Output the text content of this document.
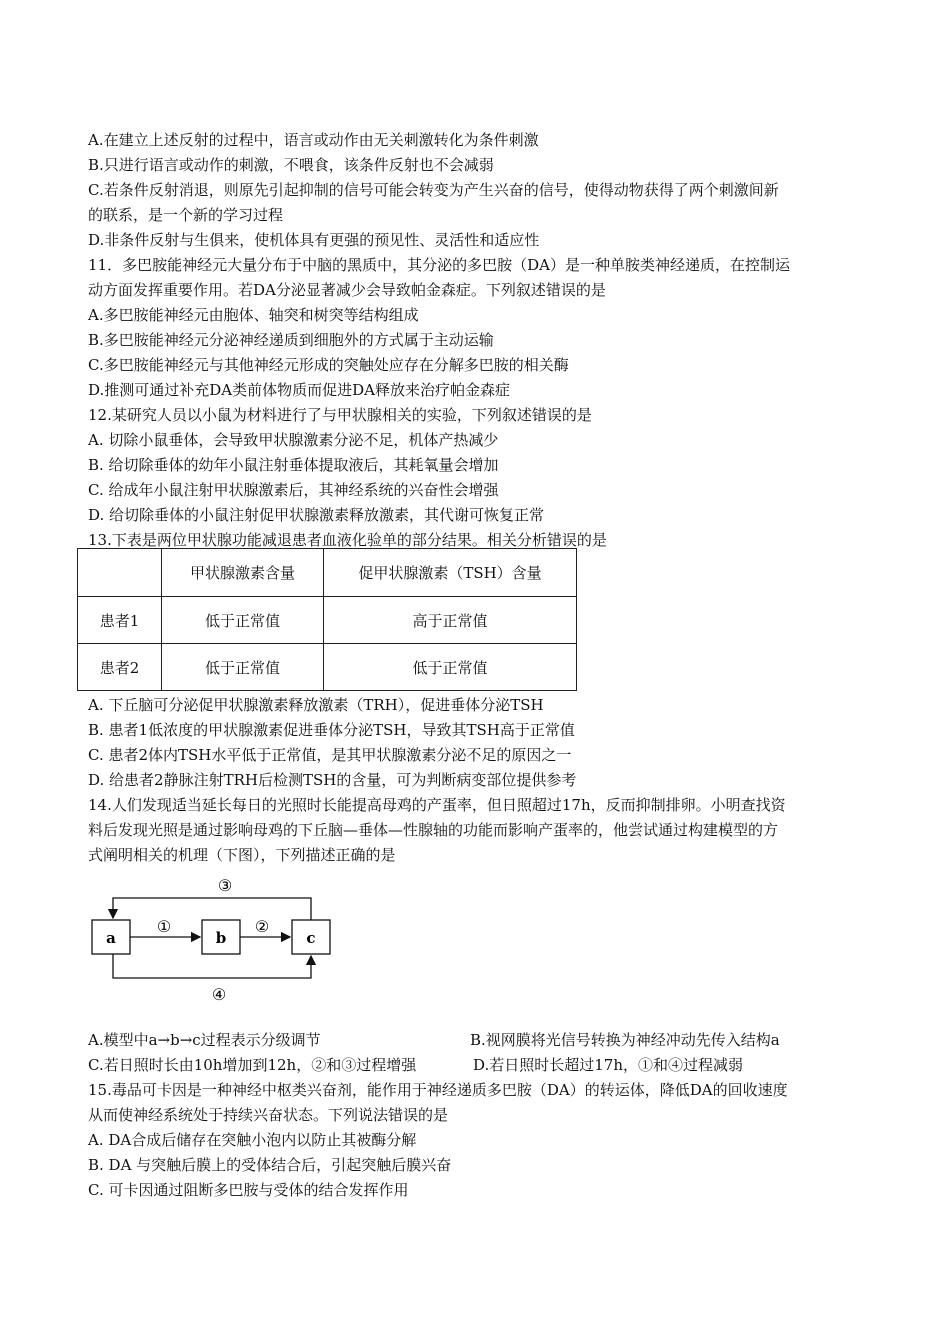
A.在建立上述反射的过程中，语言或动作由无关刺激转化为条件刺激
B.只进行语言或动作的刺激，不喂食，该条件反射也不会减弱
C.若条件反射消退，则原先引起抑制的信号可能会转变为产生兴奋的信号，使得动物获得了两个刺激间新
的联系，是一个新的学习过程
D.非条件反射与生俱来，使机体具有更强的预见性、灵活性和适应性
11．多巴胺能神经元大量分布于中脑的黑质中，其分泌的多巴胺（DA）是一种单胺类神经递质，在控制运
动方面发挥重要作用。若DA分泌显著减少会导致帕金森症。下列叙述错误的是
A.多巴胺能神经元由胞体、轴突和树突等结构组成
B.多巴胺能神经元分泌神经递质到细胞外的方式属于主动运输
C.多巴胺能神经元与其他神经元形成的突触处应存在分解多巴胺的相关酶
D.推测可通过补充DA类前体物质而促进DA释放来治疗帕金森症
12.某研究人员以小鼠为材料进行了与甲状腺相关的实验，下列叙述错误的是
A. 切除小鼠垂体，会导致甲状腺激素分泌不足，机体产热减少
B. 给切除垂体的幼年小鼠注射垂体提取液后，其耗氧量会增加
C. 给成年小鼠注射甲状腺激素后，其神经系统的兴奋性会增强
D. 给切除垂体的小鼠注射促甲状腺激素释放激素，其代谢可恢复正常
13.下表是两位甲状腺功能减退患者血液化验单的部分结果。相关分析错误的是
	甲状腺激素含量	促甲状腺激素（TSH）含量
患者1	低于正常值	高于正常值
患者2	低于正常值	低于正常值
A. 下丘脑可分泌促甲状腺激素释放激素（TRH），促进垂体分泌TSH
B. 患者1低浓度的甲状腺激素促进垂体分泌TSH，导致其TSH高于正常值
C. 患者2体内TSH水平低于正常值，是其甲状腺激素分泌不足的原因之一
D. 给患者2静脉注射TRH后检测TSH的含量，可为判断病变部位提供参考
14.人们发现适当延长每日的光照时长能提高母鸡的产蛋率，但日照超过17h，反而抑制排卵。小明查找资
料后发现光照是通过影响母鸡的下丘脑—垂体—性腺轴的功能而影响产蛋率的，他尝试通过构建模型的方
式阐明相关的机理（下图），下列描述正确的是
a	b	c
①	②
③
④
A.模型中a→b→c过程表示分级调节	B.视网膜将光信号转换为神经冲动先传入结构a
C.若日照时长由10h增加到12h，②和③过程增强	D.若日照时长超过17h，①和④过程减弱
15.毒品可卡因是一种神经中枢类兴奋剂，能作用于神经递质多巴胺（DA）的转运体，降低DA的回收速度
从而使神经系统处于持续兴奋状态。下列说法错误的是
A. DA合成后储存在突触小泡内以防止其被酶分解
B. DA 与突触后膜上的受体结合后，引起突触后膜兴奋
C. 可卡因通过阻断多巴胺与受体的结合发挥作用
